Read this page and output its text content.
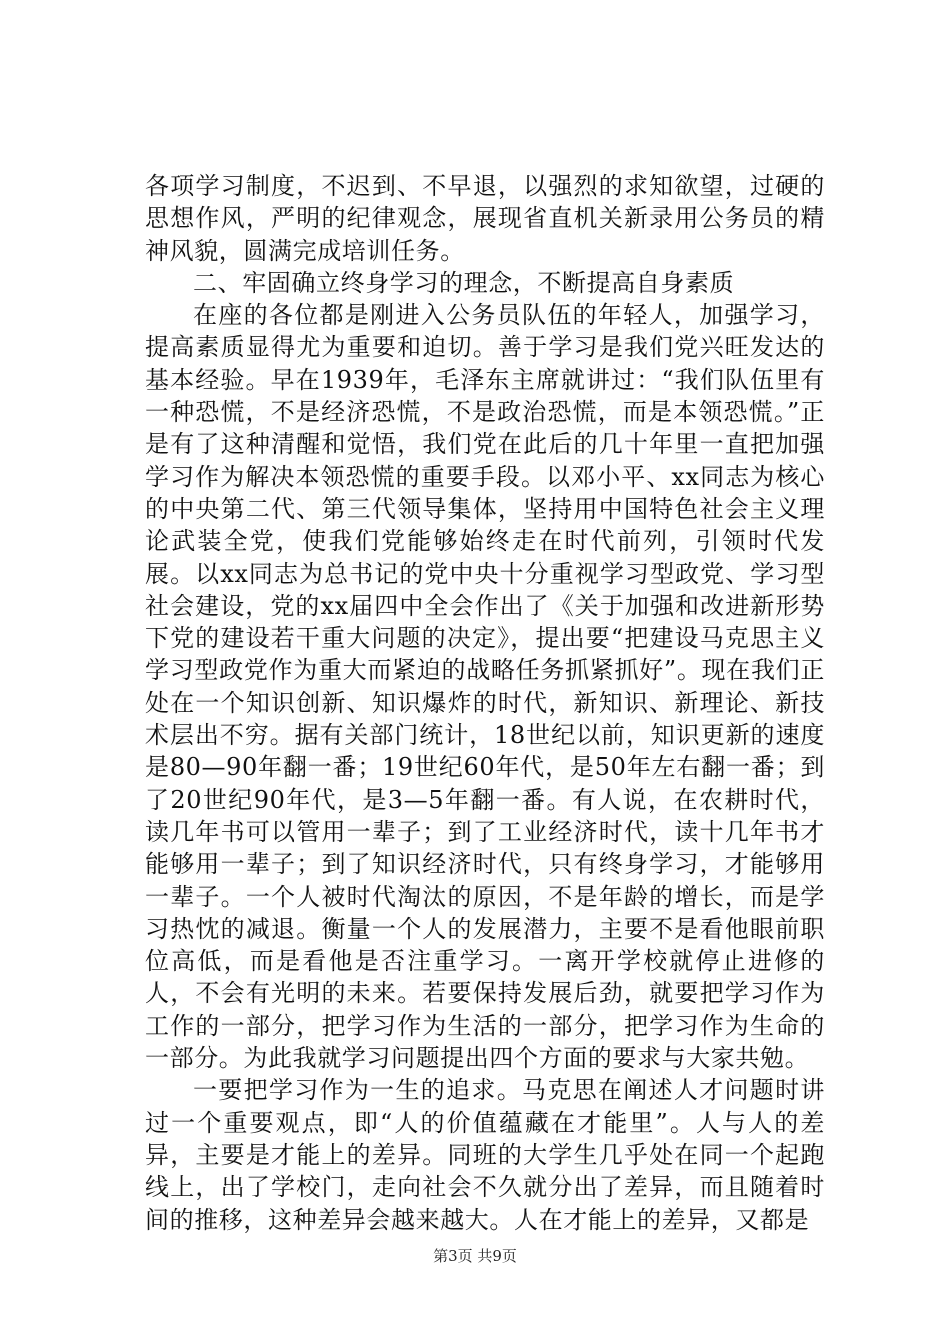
各项学习制度，不迟到、不早退，以强烈的求知欲望，过硬的思想作风，严明的纪律观念，展现省直机关新录用公务员的精神风貌，圆满完成培训任务。

二、牢固确立终身学习的理念，不断提高自身素质

在座的各位都是刚进入公务员队伍的年轻人，加强学习，提高素质显得尤为重要和迫切。善于学习是我们党兴旺发达的基本经验。早在1939年，毛泽东主席就讲过：“我们队伍里有一种恐慌，不是经济恐慌，不是政治恐慌，而是本领恐慌。”正是有了这种清醒和觉悟，我们党在此后的几十年里一直把加强学习作为解决本领恐慌的重要手段。以邓小平、xx同志为核心的中央第二代、第三代领导集体，坚持用中国特色社会主义理论武装全党，使我们党能够始终走在时代前列，引领时代发展。以xx同志为总书记的党中央十分重视学习型政党、学习型社会建设，党的xx届四中全会作出了《关于加强和改进新形势下党的建设若干重大问题的决定》，提出要“把建设马克思主义学习型政党作为重大而紧迫的战略任务抓紧抓好”。现在我们正处在一个知识创新、知识爆炸的时代，新知识、新理论、新技术层出不穷。据有关部门统计，18世纪以前，知识更新的速度是80—90年翻一番；19世纪60年代，是50年左右翻一番；到了20世纪90年代，是3—5年翻一番。有人说，在农耕时代，读几年书可以管用一辈子；到了工业经济时代，读十几年书才能够用一辈子；到了知识经济时代，只有终身学习，才能够用一辈子。一个人被时代淘汰的原因，不是年龄的增长，而是学习热忱的减退。衡量一个人的发展潜力，主要不是看他眼前职位高低，而是看他是否注重学习。一离开学校就停止进修的人，不会有光明的未来。若要保持发展后劲，就要把学习作为工作的一部分，把学习作为生活的一部分，把学习作为生命的一部分。为此我就学习问题提出四个方面的要求与大家共勉。

一要把学习作为一生的追求。马克思在阐述人才问题时讲过一个重要观点，即“人的价值蕴藏在才能里”。人与人的差异，主要是才能上的差异。同班的大学生几乎处在同一个起跑线上，出了学校门，走向社会不久就分出了差异，而且随着时间的推移，这种差异会越来越大。人在才能上的差异，又都是

第3页 共9页
